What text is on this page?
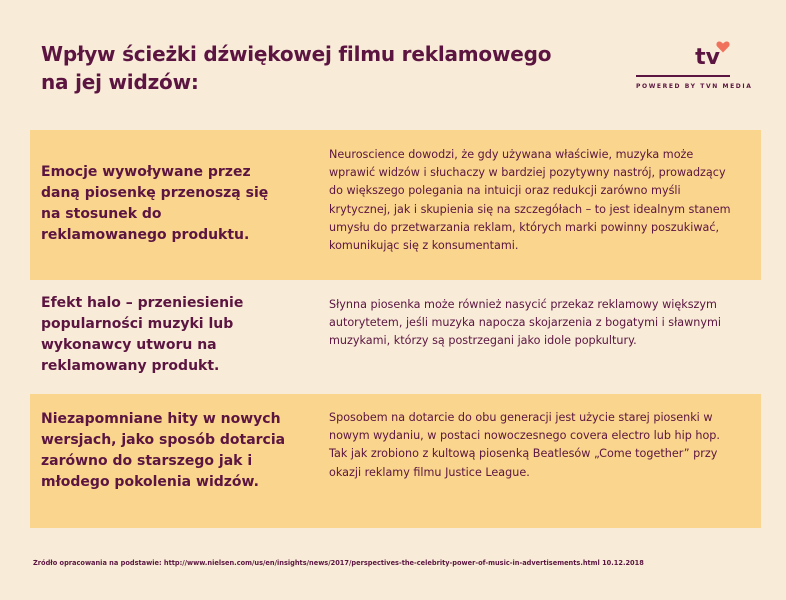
Wpływ ścieżki dźwiękowej filmu reklamowego
na jej widzów:
tv
POWERED BY TVN MEDIA
Emocje wywoływane przez daną piosenkę przenoszą się na stosunek do reklamowanego produktu.
Neuroscience dowodzi, że gdy używana właściwie, muzyka może wprawić widzów i słuchaczy w bardziej pozytywny nastrój, prowadzący do większego polegania na intuicji oraz redukcji zarówno myśli krytycznej, jak i skupienia się na szczegółach – to jest idealnym stanem umysłu do przetwarzania reklam, których marki powinny poszukiwać, komunikując się z konsumentami.
Efekt halo – przeniesienie popularności muzyki lub wykonawcy utworu na reklamowany produkt.
Słynna piosenka może również nasycić przekaz reklamowy większym autorytetem, jeśli muzyka napocza skojarzenia z bogatymi i sławnymi muzykami, którzy są postrzegani jako idole popkultury.
Niezapomniane hity w nowych wersjach, jako sposób dotarcia zarówno do starszego jak i młodego pokolenia widzów.
Sposobem na dotarcie do obu generacji jest użycie starej piosenki w nowym wydaniu, w postaci nowoczesnego covera electro lub hip hop. Tak jak zrobiono z kultową piosenką Beatlesów „Come together” przy okazji reklamy filmu Justice League.
Źródło opracowania na podstawie: http://www.nielsen.com/us/en/insights/news/2017/perspectives-the-celebrity-power-of-music-in-advertisements.html 10.12.2018
